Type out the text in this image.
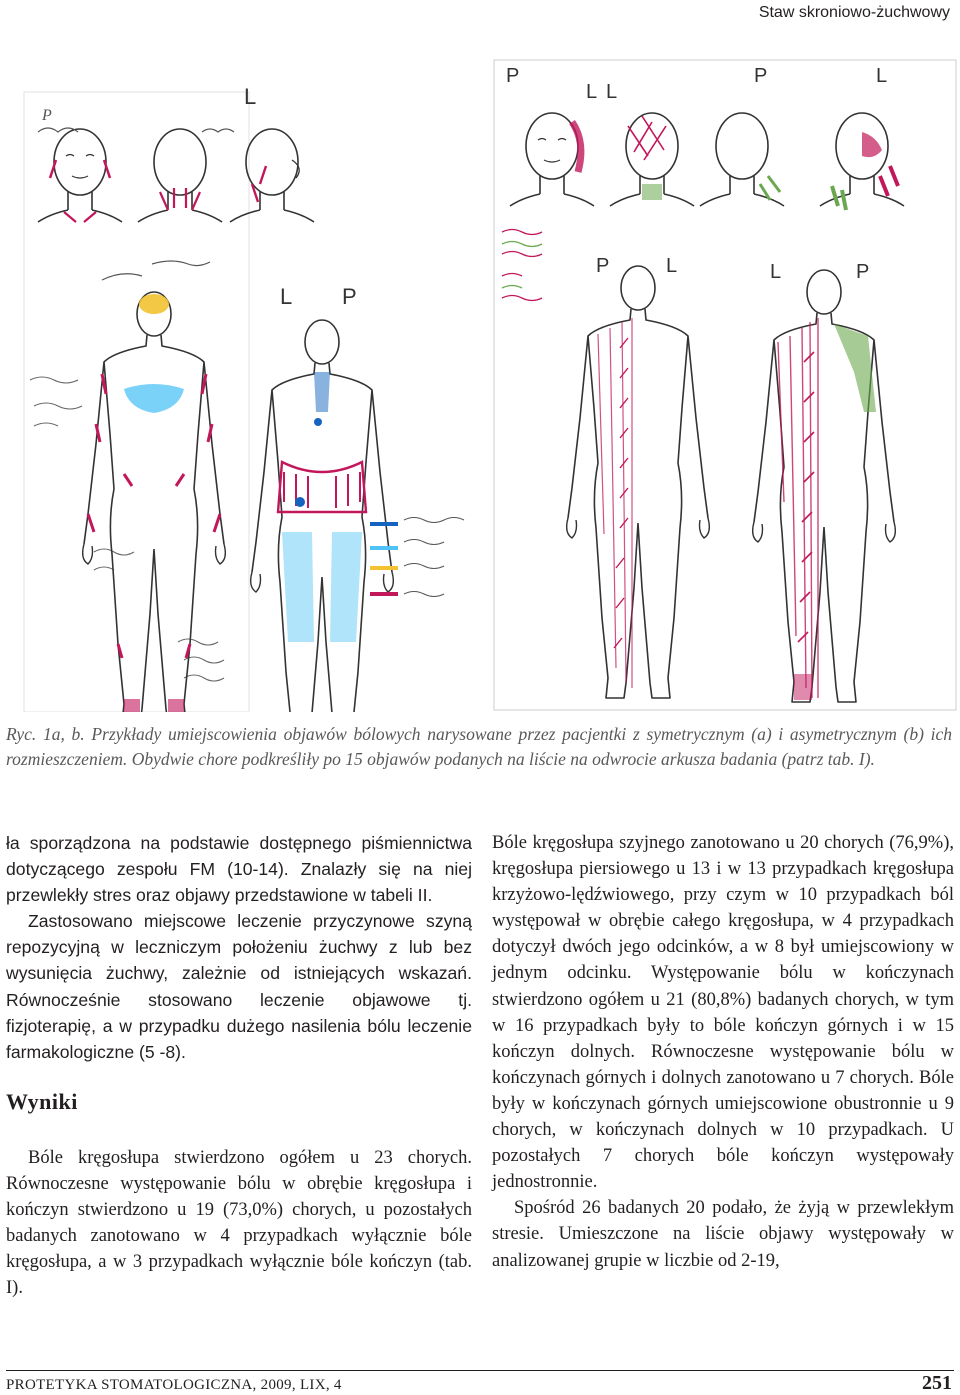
Staw skroniowo-żuchwowy
P
L
L P
P
L L
P	L
P	L	L	P
Ryc. 1a, b. Przykłady umiejscowienia objawów bólowych narysowane przez pacjentki z symetrycznym (a) i asymetrycznym (b) ich rozmieszczeniem. Obydwie chore podkreśliły po 15 objawów podanych na liście na odwrocie arkusza badania (patrz tab. I).

ła sporządzona na podstawie dostępnego piśmiennictwa dotyczącego zespołu FM (10-14). Znalazły się na niej przewlekły stres oraz objawy przedstawione w tabeli II.

Zastosowano miejscowe leczenie przyczynowe szyną repozycyjną w leczniczym położeniu żuchwy z lub bez wysunięcia żuchwy, zależnie od istniejących wskazań. Równocześnie stosowano leczenie objawowe tj. fizjoterapię, a w przypadku dużego nasilenia bólu leczenie farmakologiczne (5 -8).

Wyniki

Bóle kręgosłupa stwierdzono ogółem u 23 chorych. Równoczesne występowanie bólu w obrębie kręgosłupa i kończyn stwierdzono u 19 (73,0%) chorych, u pozostałych badanych zanotowano w 4 przypadkach wyłącznie bóle kręgosłupa, a w 3 przypadkach wyłącznie bóle kończyn (tab. I).

Bóle kręgosłupa szyjnego zanotowano u 20 chorych (76,9%), kręgosłupa piersiowego u 13 i w 13 przypadkach kręgosłupa krzyżowo-lędźwiowego, przy czym w 10 przypadkach ból występował w obrębie całego kręgosłupa, w 4 przypadkach dotyczył dwóch jego odcinków, a w 8 był umiejscowiony w jednym odcinku. Występowanie bólu w kończynach stwierdzono ogółem u 21 (80,8%) badanych chorych, w tym w 16 przypadkach były to bóle kończyn górnych i w 15 kończyn dolnych. Równoczesne występowanie bólu w kończynach górnych i dolnych zanotowano u 7 chorych. Bóle były w kończynach górnych umiejscowione obustronnie u 9 chorych, w kończynach dolnych w 10 przypadkach. U pozostałych 7 chorych bóle kończyn występowały jednostronnie.

Spośród 26 badanych 20 podało, że żyją w przewlekłym stresie. Umieszczone na liście objawy występowały w analizowanej grupie w liczbie od 2-19,

PROTETYKA STOMATOLOGICZNA, 2009, LIX, 4	251
